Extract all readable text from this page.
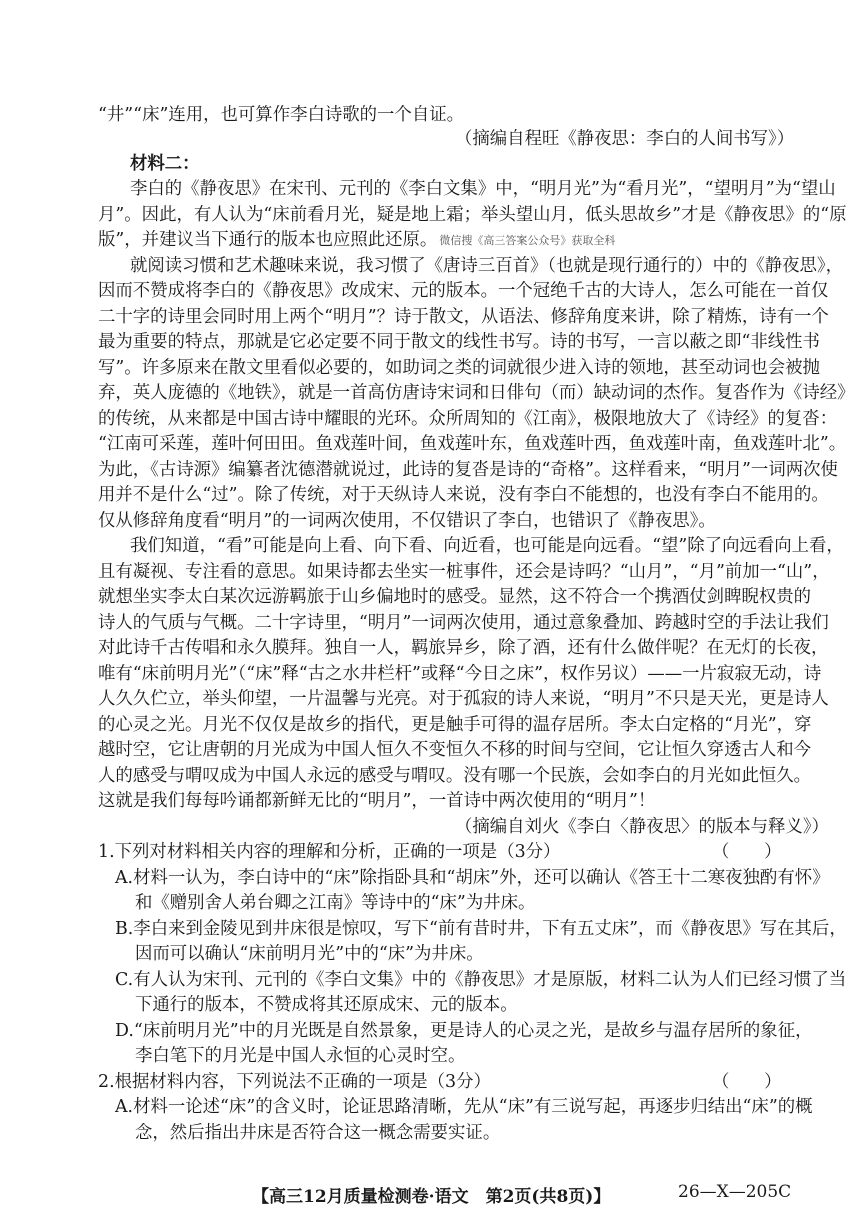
“井”“床”连用，也可算作李白诗歌的一个自证。
（摘编自程旺《静夜思：李白的人间书写》）
材料二：
李白的《静夜思》在宋刊、元刊的《李白文集》中，“明月光”为“看月光”，“望明月”为“望山
月”。因此，有人认为“床前看月光，疑是地上霜；举头望山月，低头思故乡”才是《静夜思》的“原
版”，并建议当下通行的版本也应照此还原。 微信搜《高三答案公众号》获取全科
就阅读习惯和艺术趣味来说，我习惯了《唐诗三百首》（也就是现行通行的）中的《静夜思》，
因而不赞成将李白的《静夜思》改成宋、元的版本。一个冠绝千古的大诗人，怎么可能在一首仅
二十字的诗里会同时用上两个“明月”？诗于散文，从语法、修辞角度来讲，除了精炼，诗有一个
最为重要的特点，那就是它必定要不同于散文的线性书写。诗的书写，一言以蔽之即“非线性书
写”。许多原来在散文里看似必要的，如助词之类的词就很少进入诗的领地，甚至动词也会被抛
弃，英人庞德的《地铁》，就是一首高仿唐诗宋词和日俳句（而）缺动词的杰作。复沓作为《诗经》
的传统，从来都是中国古诗中耀眼的光环。众所周知的《江南》，极限地放大了《诗经》的复沓：
“江南可采莲，莲叶何田田。鱼戏莲叶间，鱼戏莲叶东，鱼戏莲叶西，鱼戏莲叶南，鱼戏莲叶北”。
为此，《古诗源》编纂者沈德潜就说过，此诗的复沓是诗的“奇格”。这样看来，“明月”一词两次使
用并不是什么“过”。除了传统，对于天纵诗人来说，没有李白不能想的，也没有李白不能用的。
仅从修辞角度看“明月”的一词两次使用，不仅错识了李白，也错识了《静夜思》。
我们知道，“看”可能是向上看、向下看、向近看，也可能是向远看。“望”除了向远看向上看，
且有凝视、专注看的意思。如果诗都去坐实一桩事件，还会是诗吗？“山月”，“月”前加一“山”，
就想坐实李太白某次远游羁旅于山乡偏地时的感受。显然，这不符合一个携酒仗剑睥睨权贵的
诗人的气质与气概。二十字诗里，“明月”一词两次使用，通过意象叠加、跨越时空的手法让我们
对此诗千古传唱和永久膜拜。独自一人，羁旅异乡，除了酒，还有什么做伴呢？在无灯的长夜，
唯有“床前明月光”（“床”释“古之水井栏杆”或释“今日之床”，权作另议）——一片寂寂无动，诗
人久久伫立，举头仰望，一片温馨与光亮。对于孤寂的诗人来说，“明月”不只是天光，更是诗人
的心灵之光。月光不仅仅是故乡的指代，更是触手可得的温存居所。李太白定格的“月光”，穿
越时空，它让唐朝的月光成为中国人恒久不变恒久不移的时间与空间，它让恒久穿透古人和今
人的感受与喟叹成为中国人永远的感受与喟叹。没有哪一个民族，会如李白的月光如此恒久。
这就是我们每每吟诵都新鲜无比的“明月”，一首诗中两次使用的“明月”！
（摘编自刘火《李白〈静夜思〉的版本与释义》）
1.下列对材料相关内容的理解和分析，正确的一项是（3分）	（　　）
A.材料一认为，李白诗中的“床”除指卧具和“胡床”外，还可以确认《答王十二寒夜独酌有怀》
和《赠别舍人弟台卿之江南》等诗中的“床”为井床。
B.李白来到金陵见到井床很是惊叹，写下“前有昔时井，下有五丈床”，而《静夜思》写在其后，
因而可以确认“床前明月光”中的“床”为井床。
C.有人认为宋刊、元刊的《李白文集》中的《静夜思》才是原版，材料二认为人们已经习惯了当
下通行的版本，不赞成将其还原成宋、元的版本。
D.“床前明月光”中的月光既是自然景象，更是诗人的心灵之光，是故乡与温存居所的象征，
李白笔下的月光是中国人永恒的心灵时空。
2.根据材料内容，下列说法不正确的一项是（3分）	（　　）
A.材料一论述“床”的含义时，论证思路清晰，先从“床”有三说写起，再逐步归结出“床”的概
念，然后指出井床是否符合这一概念需要实证。
【高三12月质量检测卷·语文　第2页(共8页)】	26—X—205C
